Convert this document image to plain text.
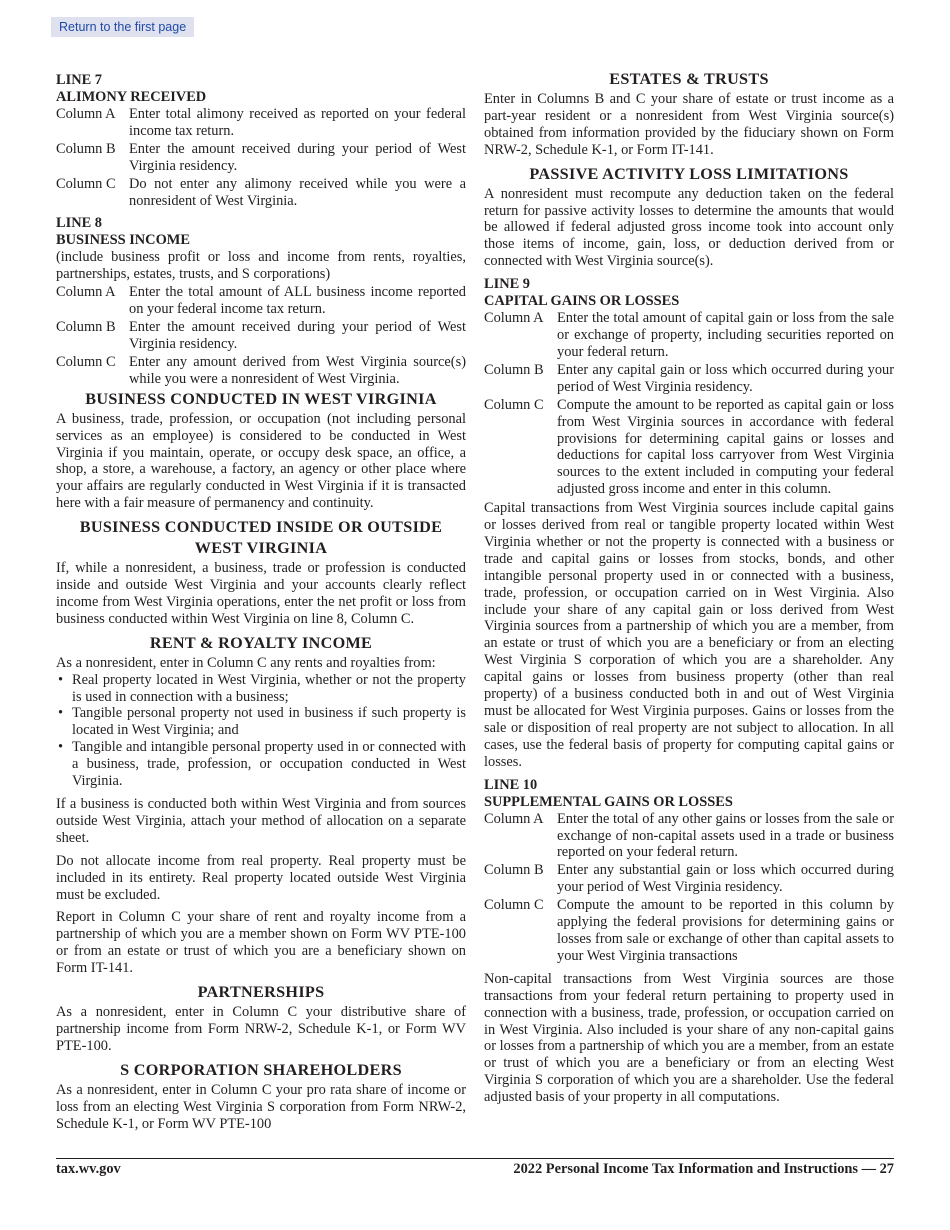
Return to the first page
LINE 7
ALIMONY RECEIVED
Column A Enter total alimony received as reported on your federal income tax return.
Column B Enter the amount received during your period of West Virginia residency.
Column C Do not enter any alimony received while you were a nonresident of West Virginia.
LINE 8
BUSINESS INCOME

(include business profit or loss and income from rents, royalties, partnerships, estates, trusts, and S corporations)

Column A Enter the total amount of ALL business income reported on your federal income tax return.
Column B Enter the amount received during your period of West Virginia residency.
Column C Enter any amount derived from West Virginia source(s) while you were a nonresident of West Virginia.
BUSINESS CONDUCTED IN WEST VIRGINIA

A business, trade, profession, or occupation (not including personal services as an employee) is considered to be conducted in West Virginia if you maintain, operate, or occupy desk space, an office, a shop, a store, a warehouse, a factory, an agency or other place where your affairs are regularly conducted in West Virginia if it is transacted here with a fair measure of permanency and continuity.

BUSINESS CONDUCTED INSIDE OR OUTSIDE
WEST VIRGINIA

If, while a nonresident, a business, trade or profession is conducted inside and outside West Virginia and your accounts clearly reflect income from West Virginia operations, enter the net profit or loss from business conducted within West Virginia on line 8, Column C.

RENT & ROYALTY INCOME

As a nonresident, enter in Column C any rents and royalties from:

• Real property located in West Virginia, whether or not the property is used in connection with a business;
• Tangible personal property not used in business if such property is located in West Virginia; and
• Tangible and intangible personal property used in or connected with a business, trade, profession, or occupation conducted in West Virginia.

If a business is conducted both within West Virginia and from sources outside West Virginia, attach your method of allocation on a separate sheet.

Do not allocate income from real property. Real property must be included in its entirety. Real property located outside West Virginia must be excluded.

Report in Column C your share of rent and royalty income from a partnership of which you are a member shown on Form WV PTE-100 or from an estate or trust of which you are a beneficiary shown on Form IT-141.

PARTNERSHIPS

As a nonresident, enter in Column C your distributive share of partnership income from Form NRW-2, Schedule K-1, or Form WV PTE-100.

S CORPORATION SHAREHOLDERS

As a nonresident, enter in Column C your pro rata share of income or loss from an electing West Virginia S corporation from Form NRW-2, Schedule K-1, or Form WV PTE-100

ESTATES & TRUSTS

Enter in Columns B and C your share of estate or trust income as a part-year resident or a nonresident from West Virginia source(s) obtained from information provided by the fiduciary shown on Form NRW-2, Schedule K-1, or Form IT-141.

PASSIVE ACTIVITY LOSS LIMITATIONS

A nonresident must recompute any deduction taken on the federal return for passive activity losses to determine the amounts that would be allowed if federal adjusted gross income took into account only those items of income, gain, loss, or deduction derived from or connected with West Virginia source(s).

LINE 9
CAPITAL GAINS OR LOSSES
Column A Enter the total amount of capital gain or loss from the sale or exchange of property, including securities reported on your federal return.
Column B Enter any capital gain or loss which occurred during your period of West Virginia residency.
Column C Compute the amount to be reported as capital gain or loss from West Virginia sources in accordance with federal provisions for determining capital gains or losses and deductions for capital loss carryover from West Virginia sources to the extent included in computing your federal adjusted gross income and enter in this column.

Capital transactions from West Virginia sources include capital gains or losses derived from real or tangible property located within West Virginia whether or not the property is connected with a business or trade and capital gains or losses from stocks, bonds, and other intangible personal property used in or connected with a business, trade, profession, or occupation carried on in West Virginia. Also include your share of any capital gain or loss derived from West Virginia sources from a partnership of which you are a member, from an estate or trust of which you are a beneficiary or from an electing West Virginia S corporation of which you are a shareholder. Any capital gains or losses from business property (other than real property) of a business conducted both in and out of West Virginia must be allocated for West Virginia purposes. Gains or losses from the sale or disposition of real property are not subject to allocation. In all cases, use the federal basis of property for computing capital gains or losses.

LINE 10
SUPPLEMENTAL GAINS OR LOSSES
Column A Enter the total of any other gains or losses from the sale or exchange of non-capital assets used in a trade or business reported on your federal return.
Column B Enter any substantial gain or loss which occurred during your period of West Virginia residency.
Column C Compute the amount to be reported in this column by applying the federal provisions for determining gains or losses from sale or exchange of other than capital assets to your West Virginia transactions

Non-capital transactions from West Virginia sources are those transactions from your federal return pertaining to property used in connection with a business, trade, profession, or occupation carried on in West Virginia. Also included is your share of any non-capital gains or losses from a partnership of which you are a member, from an estate or trust of which you are a beneficiary or from an electing West Virginia S corporation of which you are a shareholder. Use the federal adjusted basis of your property in all computations.

tax.wv.gov	2022 Personal Income Tax Information and Instructions — 27
